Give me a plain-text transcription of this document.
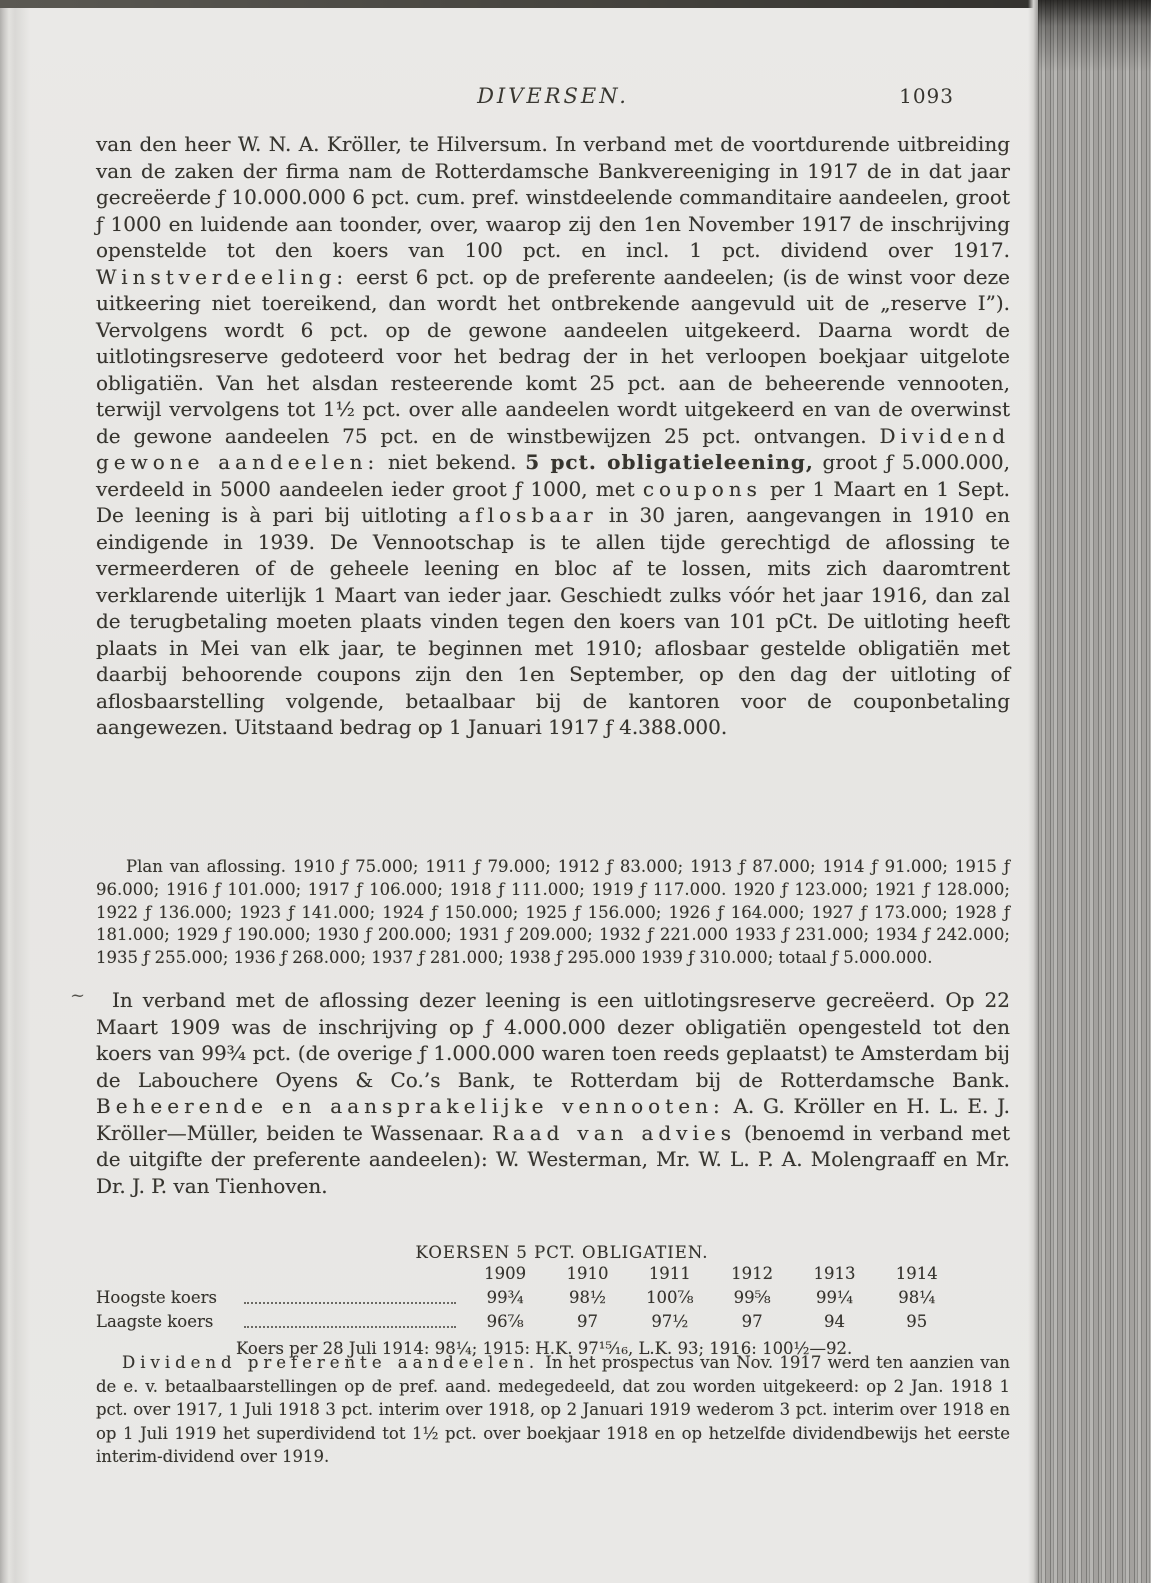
DIVERSEN.	1093

van den heer W. N. A. Kröller, te Hilversum. In verband met de voortdurende uitbreiding van de zaken der firma nam de Rotterdamsche Bankvereeniging in 1917 de in dat jaar gecreëerde ƒ 10.000.000 6 pct. cum. pref. winstdeelende commanditaire aandeelen, groot ƒ 1000 en luidende aan toonder, over, waarop zij den 1en November 1917 de inschrijving openstelde tot den koers van 100 pct. en incl. 1 pct. dividend over 1917. Winstverdeeling: eerst 6 pct. op de preferente aandeelen; (is de winst voor deze uitkeering niet toereikend, dan wordt het ontbrekende aangevuld uit de „reserve I”). Vervolgens wordt 6 pct. op de gewone aandeelen uitgekeerd. Daarna wordt de uitlotingsreserve gedoteerd voor het bedrag der in het verloopen boekjaar uitgelote obligatiën. Van het alsdan resteerende komt 25 pct. aan de beheerende vennooten, terwijl vervolgens tot 1½ pct. over alle aandeelen wordt uitgekeerd en van de overwinst de gewone aandeelen 75 pct. en de winstbewijzen 25 pct. ontvangen. Dividend gewone aandeelen: niet bekend. 5 pct. obligatieleening, groot ƒ 5.000.000, verdeeld in 5000 aandeelen ieder groot ƒ 1000, met coupons per 1 Maart en 1 Sept. De leening is à pari bij uitloting aflosbaar in 30 jaren, aangevangen in 1910 en eindigende in 1939. De Vennootschap is te allen tijde gerechtigd de aflossing te vermeerderen of de geheele leening en bloc af te lossen, mits zich daaromtrent verklarende uiterlijk 1 Maart van ieder jaar. Geschiedt zulks vóór het jaar 1916, dan zal de terugbetaling moeten plaats vinden tegen den koers van 101 pCt. De uitloting heeft plaats in Mei van elk jaar, te beginnen met 1910; aflosbaar gestelde obligatiën met daarbij behoorende coupons zijn den 1en September, op den dag der uitloting of aflosbaarstelling volgende, betaalbaar bij de kantoren voor de couponbetaling aangewezen. Uitstaand bedrag op 1 Januari 1917 ƒ 4.388.000.

Plan van aflossing. 1910 ƒ 75.000; 1911 ƒ 79.000; 1912 ƒ 83.000; 1913 ƒ 87.000; 1914 ƒ 91.000; 1915 ƒ 96.000; 1916 ƒ 101.000; 1917 ƒ 106.000; 1918 ƒ 111.000; 1919 ƒ 117.000. 1920 ƒ 123.000; 1921 ƒ 128.000; 1922 ƒ 136.000; 1923 ƒ 141.000; 1924 ƒ 150.000; 1925 ƒ 156.000; 1926 ƒ 164.000; 1927 ƒ 173.000; 1928 ƒ 181.000; 1929 ƒ 190.000; 1930 ƒ 200.000; 1931 ƒ 209.000; 1932 ƒ 221.000 1933 ƒ 231.000; 1934 ƒ 242.000; 1935 ƒ 255.000; 1936 ƒ 268.000; 1937 ƒ 281.000; 1938 ƒ 295.000 1939 ƒ 310.000; totaal ƒ 5.000.000.

~	In verband met de aflossing dezer leening is een uitlotingsreserve gecreëerd. Op 22 Maart 1909 was de inschrijving op ƒ 4.000.000 dezer obligatiën opengesteld tot den koers van 99¾ pct. (de overige ƒ 1.000.000 waren toen reeds geplaatst) te Amsterdam bij de Labouchere Oyens & Co.’s Bank, te Rotterdam bij de Rotterdamsche Bank. Beheerende en aansprakelijke vennooten: A. G. Kröller en H. L. E. J. Kröller—Müller, beiden te Wassenaar. Raad van advies (benoemd in verband met de uitgifte der preferente aandeelen): W. Westerman, Mr. W. L. P. A. Molengraaff en Mr. Dr. J. P. van Tienhoven.

KOERSEN 5 PCT. OBLIGATIEN.
1909	1910	1911	1912	1913	1914
Hoogste koers	99¾	98½	100⅞	99⅝	99¼	98¼
Laagste koers	96⅞	97	97½	97	94	95
Koers per 28 Juli 1914: 98¼; 1915: H.K. 97¹⁵⁄₁₆, L.K. 93; 1916: 100½—92.

Dividend preferente aandeelen. In het prospectus van Nov. 1917 werd ten aanzien van de e. v. betaalbaarstellingen op de pref. aand. medegedeeld, dat zou worden uitgekeerd: op 2 Jan. 1918 1 pct. over 1917, 1 Juli 1918 3 pct. interim over 1918, op 2 Januari 1919 wederom 3 pct. interim over 1918 en op 1 Juli 1919 het superdividend tot 1½ pct. over boekjaar 1918 en op hetzelfde dividendbewijs het eerste interim-dividend over 1919.
